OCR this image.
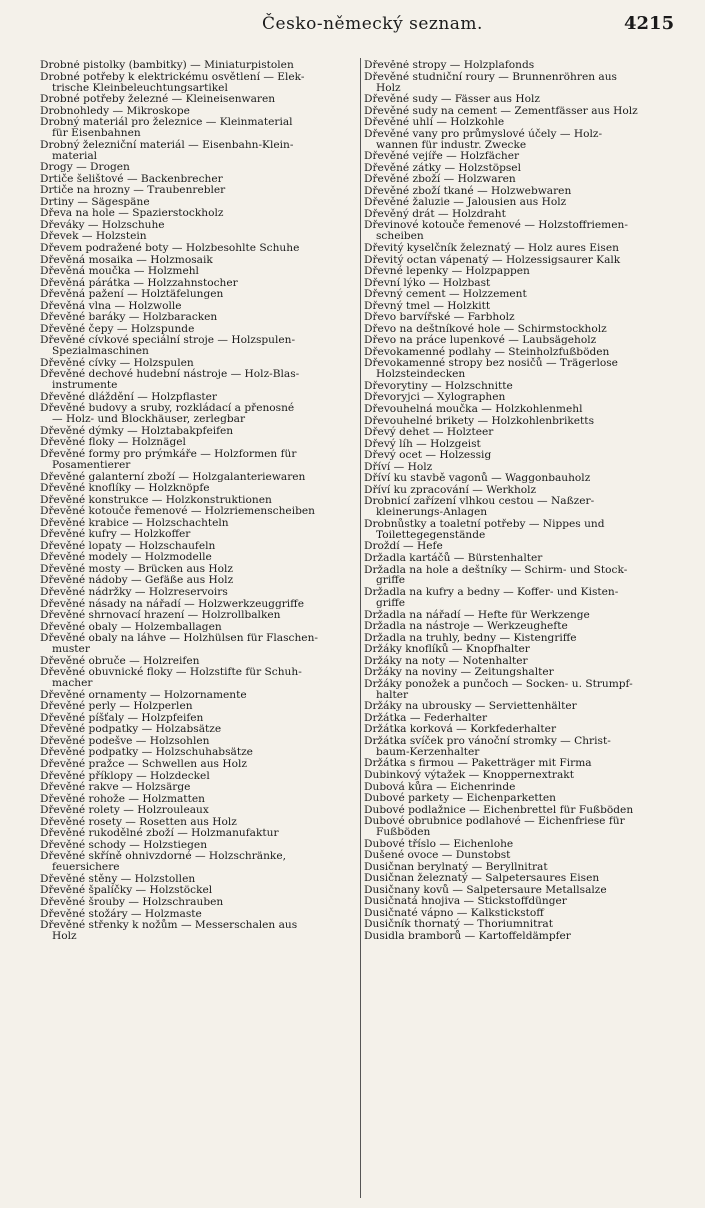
Česko-německý seznam.	4215
Drobné pistolky (bambitky) — Miniaturpistolen
Drobné potřeby k elektrickému osvětlení — Elek-
trische Kleinbeleuchtungsartikel
Drobné potřeby železné — Kleineisenwaren
Drobnohledy — Mikroskope
Drobný materiál pro železnice — Kleinmaterial
für Eisenbahnen
Drobný železniční materiál — Eisenbahn-Klein-
material
Drogy — Drogen
Drtiče šelištové — Backenbrecher
Drtiče na hrozny — Traubenrebler
Drtiny — Sägespäne
Dřeva na hole — Spazierstockholz
Dřeváky — Holzschuhe
Dřevek — Holzstein
Dřevem podražené boty — Holzbesohlte Schuhe
Dřevěná mosaika — Holzmosaik
Dřevěná moučka — Holzmehl
Dřevěná párátka — Holzzahnstocher
Dřevěná pažení — Holztäfelungen
Dřevěná vlna — Holzwolle
Dřevěné baráky — Holzbaracken
Dřevěné čepy — Holzspunde
Dřevěné cívkové speciální stroje — Holzspulen-
Spezialmaschinen
Dřevěné cívky — Holzspulen
Dřevěné dechové hudební nástroje — Holz-Blas-
instrumente
Dřevěné dláždění — Holzpflaster
Dřevěné budovy a sruby, rozkládací a přenosné
— Holz- und Blockhäuser, zerlegbar
Dřevěné dýmky — Holztabakpfeifen
Dřevěné floky — Holznägel
Dřevěné formy pro prýmkáře — Holzformen für
Posamentierer
Dřevěné galanterní zboží — Holzgalanteriewaren
Dřevěné knoflíky — Holzknöpfe
Dřevěné konstrukce — Holzkonstruktionen
Dřevěné kotouče řemenové — Holzriemenscheiben
Dřevěné krabice — Holzschachteln
Dřevěné kufry — Holzkoffer
Dřevěné lopaty — Holzschaufeln
Dřevěné modely — Holzmodelle
Dřevěné mosty — Brücken aus Holz
Dřevěné nádoby — Gefäße aus Holz
Dřevěné nádržky — Holzreservoirs
Dřevěné násady na nářadí — Holzwerkzeuggriffe
Dřevěné shrnovací hrazení — Holzrollbalken
Dřevěné obaly — Holzemballagen
Dřevěné obaly na láhve — Holzhülsen für Flaschen-
muster
Dřevěné obruče — Holzreifen
Dřevěné obuvnické floky — Holzstifte für Schuh-
macher
Dřevěné ornamenty — Holzornamente
Dřevěné perly — Holzperlen
Dřevěné píšťaly — Holzpfeifen
Dřevěné podpatky — Holzabsätze
Dřevěné podešve — Holzsohlen
Dřevěné podpatky — Holzschuhabsätze
Dřevěné pražce — Schwellen aus Holz
Dřevěné příklopy — Holzdeckel
Dřevěné rakve — Holzsärge
Dřevěné rohože — Holzmatten
Dřevěné rolety — Holzrouleaux
Dřevěné rosety — Rosetten aus Holz
Dřevěné rukodělné zboží — Holzmanufaktur
Dřevěné schody — Holzstiegen
Dřevěné skříně ohnivzdorné — Holzschränke,
feuersichere
Dřevěné stěny — Holzstollen
Dřevěné špalíčky — Holzstöckel
Dřevěné šrouby — Holzschrauben
Dřevěné stožáry — Holzmaste
Dřevěné střenky k nožům — Messerschalen aus
Holz
Dřevěné stropy — Holzplafonds
Dřevěné studniční roury — Brunnenröhren aus
Holz
Dřevěné sudy — Fässer aus Holz
Dřevěné sudy na cement — Zementfässer aus Holz
Dřevěné uhlí — Holzkohle
Dřevěné vany pro průmyslové účely — Holz-
wannen für industr. Zwecke
Dřevěné vejíře — Holzfächer
Dřevěné zátky — Holzstöpsel
Dřevěné zboží — Holzwaren
Dřevěné zboží tkané — Holzwebwaren
Dřevěné žaluzie — Jalousien aus Holz
Dřevěný drát — Holzdraht
Dřevinové kotouče řemenové — Holzstoffriemen-
scheiben
Dřevitý kyselčník železnatý — Holz aures Eisen
Dřevitý octan vápenatý — Holzessigsaurer Kalk
Dřevné lepenky — Holzpappen
Dřevní lýko — Holzbast
Dřevný cement — Holzzement
Dřevný tmel — Holzkitt
Dřevo barvířské — Farbholz
Dřevo na deštníkové hole — Schirmstockholz
Dřevo na práce lupenkové — Laubsägeholz
Dřevokamenné podlahy — Steinholzfußböden
Dřevokamenné stropy bez nosičů — Trägerlose
Holzsteindecken
Dřevorytiny — Holzschnitte
Dřevoryjci — Xylographen
Dřevouhelná moučka — Holzkohlenmehl
Dřevouhelné brikety — Holzkohlenbriketts
Dřevý dehet — Holzteer
Dřevý líh — Holzgeist
Dřevý ocet — Holzessig
Dříví — Holz
Dříví ku stavbě vagonů — Waggonbauholz
Dříví ku zpracování — Werkholz
Drobnicí zařízení vlhkou cestou — Naßzer-
kleinerungs-Anlagen
Drobnůstky a toaletní potřeby — Nippes und
Toilettegegenstände
Droždí — Hefe
Držadla kartáčů — Bürstenhalter
Držadla na hole a deštníky — Schirm- und Stock-
griffe
Držadla na kufry a bedny — Koffer- und Kisten-
griffe
Držadla na nářadí — Hefte für Werkzenge
Držadla na nástroje — Werkzeughefte
Držadla na truhly, bedny — Kistengriffe
Držáky knoflíků — Knopfhalter
Držáky na noty — Notenhalter
Držáky na noviny — Zeitungshalter
Držáky ponožek a punčoch — Socken- u. Strumpf-
halter
Držáky na ubrousky — Serviettenhälter
Držátka — Federhalter
Držátka korková — Korkfederhalter
Držátka svíček pro vánoční stromky — Christ-
baum-Kerzenhalter
Držátka s firmou — Paketträger mit Firma
Dubinkový výtažek — Knoppernextrakt
Dubová kůra — Eichenrinde
Dubové parkety — Eichenparketten
Dubové podlažnice — Eichenbrettel für Fußböden
Dubové obrubnice podlahové — Eichenfriese für
Fußböden
Dubové tříslo — Eichenlohe
Dušené ovoce — Dunstobst
Dusičnan berylnatý — Beryllnitrat
Dusičnan železnatý — Salpetersaures Eisen
Dusičnany kovů — Salpetersaure Metallsalze
Dusičnatá hnojiva — Stickstoffdünger
Dusičnaté vápno — Kalkstickstoff
Dusičník thornatý — Thoriumnitrat
Dusidla bramborů — Kartoffeldämpfer
